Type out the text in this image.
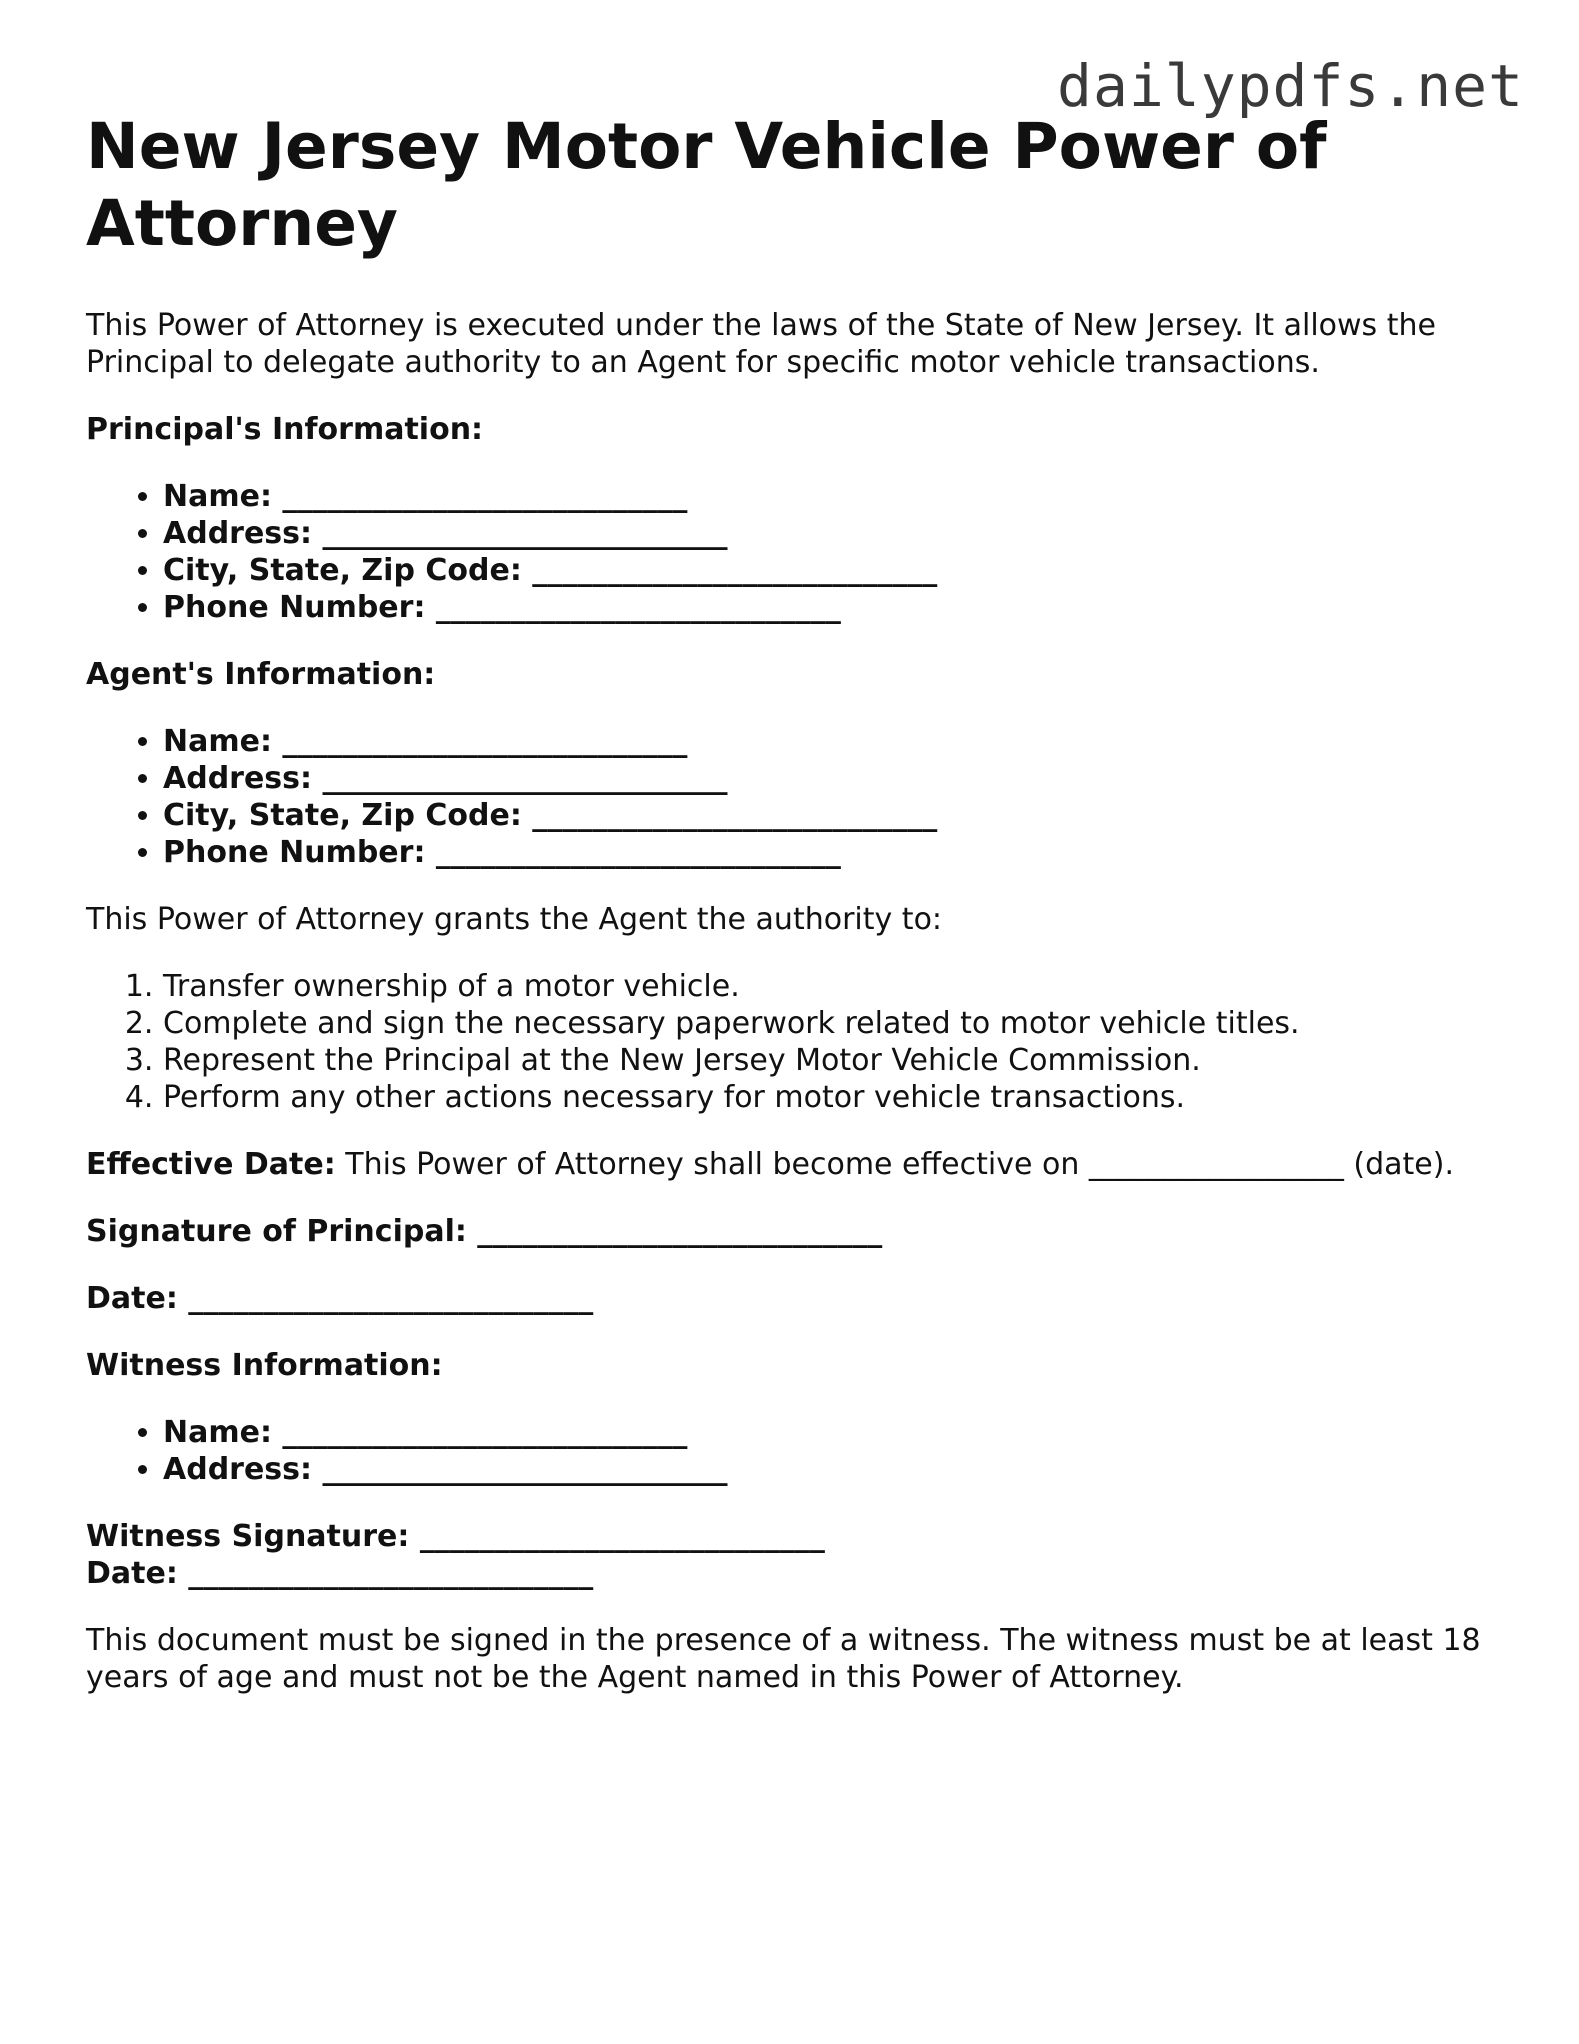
dailypdfs.net
New Jersey Motor Vehicle Power of Attorney

This Power of Attorney is executed under the laws of the State of New Jersey. It allows the Principal to delegate authority to an Agent for specific motor vehicle transactions.

Principal's Information:

• Name: ___________________________
• Address: ___________________________
• City, State, Zip Code: ___________________________
• Phone Number: ___________________________

Agent's Information:

• Name: ___________________________
• Address: ___________________________
• City, State, Zip Code: ___________________________
• Phone Number: ___________________________

This Power of Attorney grants the Agent the authority to:

1. Transfer ownership of a motor vehicle.
2. Complete and sign the necessary paperwork related to motor vehicle titles.
3. Represent the Principal at the New Jersey Motor Vehicle Commission.
4. Perform any other actions necessary for motor vehicle transactions.

Effective Date: This Power of Attorney shall become effective on _________________ (date).

Signature of Principal: ___________________________

Date: ___________________________

Witness Information:

• Name: ___________________________
• Address: ___________________________

Witness Signature: ___________________________
Date: ___________________________

This document must be signed in the presence of a witness. The witness must be at least 18 years of age and must not be the Agent named in this Power of Attorney.
